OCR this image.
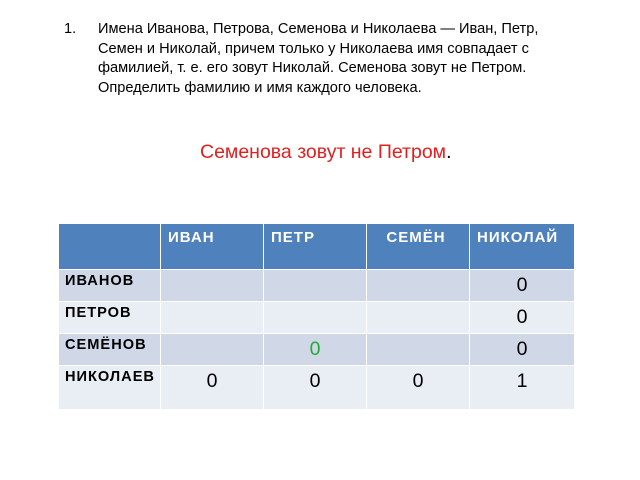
1. Имена Иванова, Петрова, Семенова и Николаева — Иван, Петр, Семен и Николай, причем только у Николаева имя совпадает с фамилией, т. е. его зовут Николай. Семенова зовут не Петром. Определить фамилию и имя каждого человека.
Семенова зовут не Петром.

	ИВАН	ПЕТР	СЕМЁН	НИКОЛАЙ

ИВАНОВ				0

ПЕТРОВ				0

СЕМЁНОВ		0		0

НИКОЛАЕВ	0	0	0	1
